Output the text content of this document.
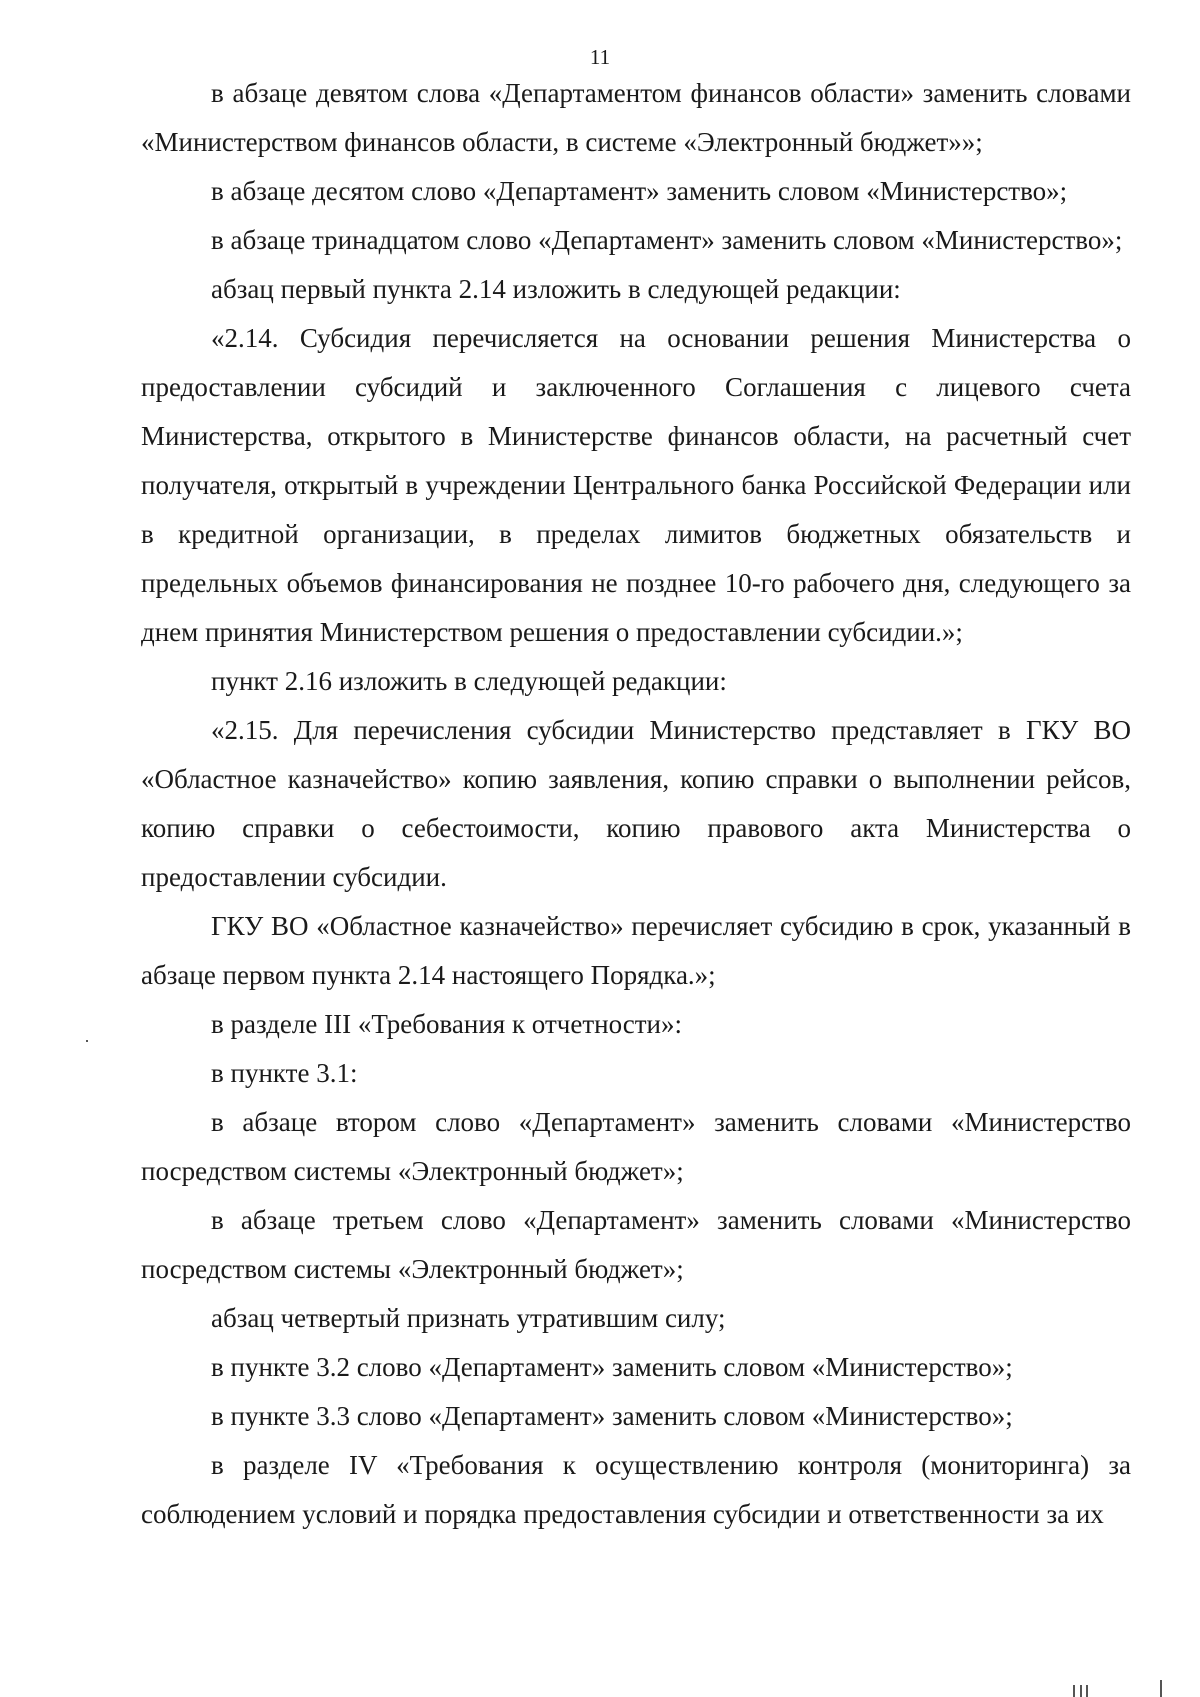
11

в абзаце девятом слова «Департаментом финансов области» заменить словами «Министерством финансов области, в системе «Электронный бюджет»»;

в абзаце десятом слово «Департамент» заменить словом «Министерство»;

в абзаце тринадцатом слово «Департамент» заменить словом «Министерство»;

абзац первый пункта 2.14 изложить в следующей редакции:

«2.14. Субсидия перечисляется на основании решения Министерства о предоставлении субсидий и заключенного Соглашения с лицевого счета Министерства, открытого в Министерстве финансов области, на расчетный счет получателя, открытый в учреждении Центрального банка Российской Федерации или в кредитной организации, в пределах лимитов бюджетных обязательств и предельных объемов финансирования не позднее 10-го рабочего дня, следующего за днем принятия Министерством решения о предоставлении субсидии.»;

пункт 2.16 изложить в следующей редакции:

«2.15. Для перечисления субсидии Министерство представляет в ГКУ ВО «Областное казначейство» копию заявления, копию справки о выполнении рейсов, копию справки о себестоимости, копию правового акта Министерства о предоставлении субсидии.

ГКУ ВО «Областное казначейство» перечисляет субсидию в срок, указанный в абзаце первом пункта 2.14 настоящего Порядка.»;

в разделе III «Требования к отчетности»:

в пункте 3.1:

в абзаце втором слово «Департамент» заменить словами «Министерство посредством системы «Электронный бюджет»;

в абзаце третьем слово «Департамент» заменить словами «Министерство посредством системы «Электронный бюджет»;

абзац четвертый признать утратившим силу;

в пункте 3.2 слово «Департамент» заменить словом «Министерство»;

в пункте 3.3 слово «Департамент» заменить словом «Министерство»;

в разделе IV «Требования к осуществлению контроля (мониторинга) за соблюдением условий и порядка предоставления субсидии и ответственности за их
